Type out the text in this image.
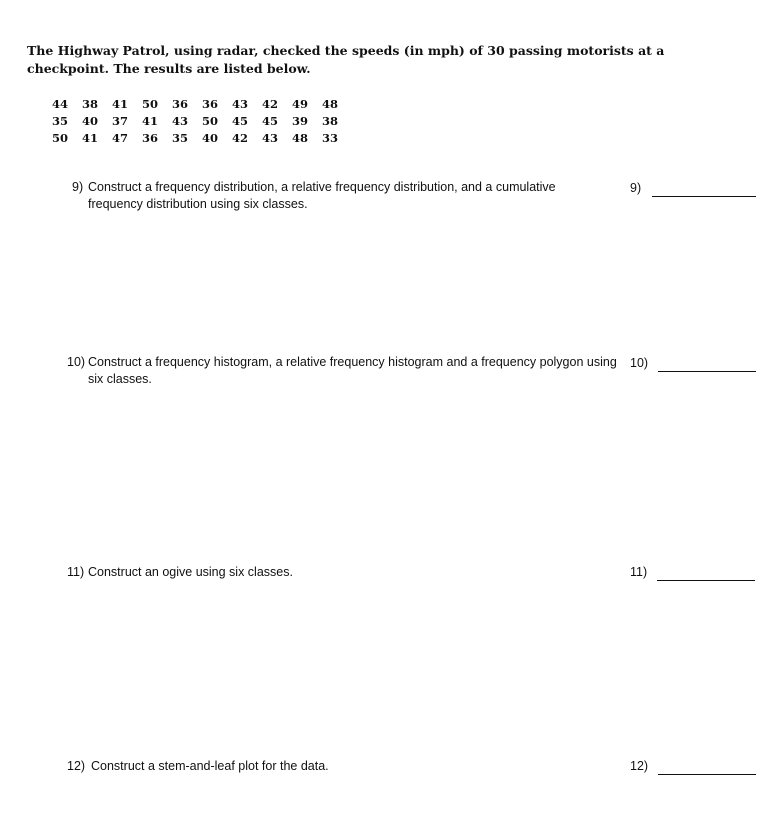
The Highway Patrol, using radar, checked the speeds (in mph) of 30 passing motorists at a checkpoint. The results are listed below.
44	38	41	50	36	36	43	42	49	48
35	40	37	41	43	50	45	45	39	38
50	41	47	36	35	40	42	43	48	33
9) Construct a frequency distribution, a relative frequency distribution, and a cumulative frequency distribution using six classes.
9)
10) Construct a frequency histogram, a relative frequency histogram and a frequency polygon using six classes.
10)
11) Construct an ogive using six classes.	11)
12) Construct a stem-and-leaf plot for the data.	12)
